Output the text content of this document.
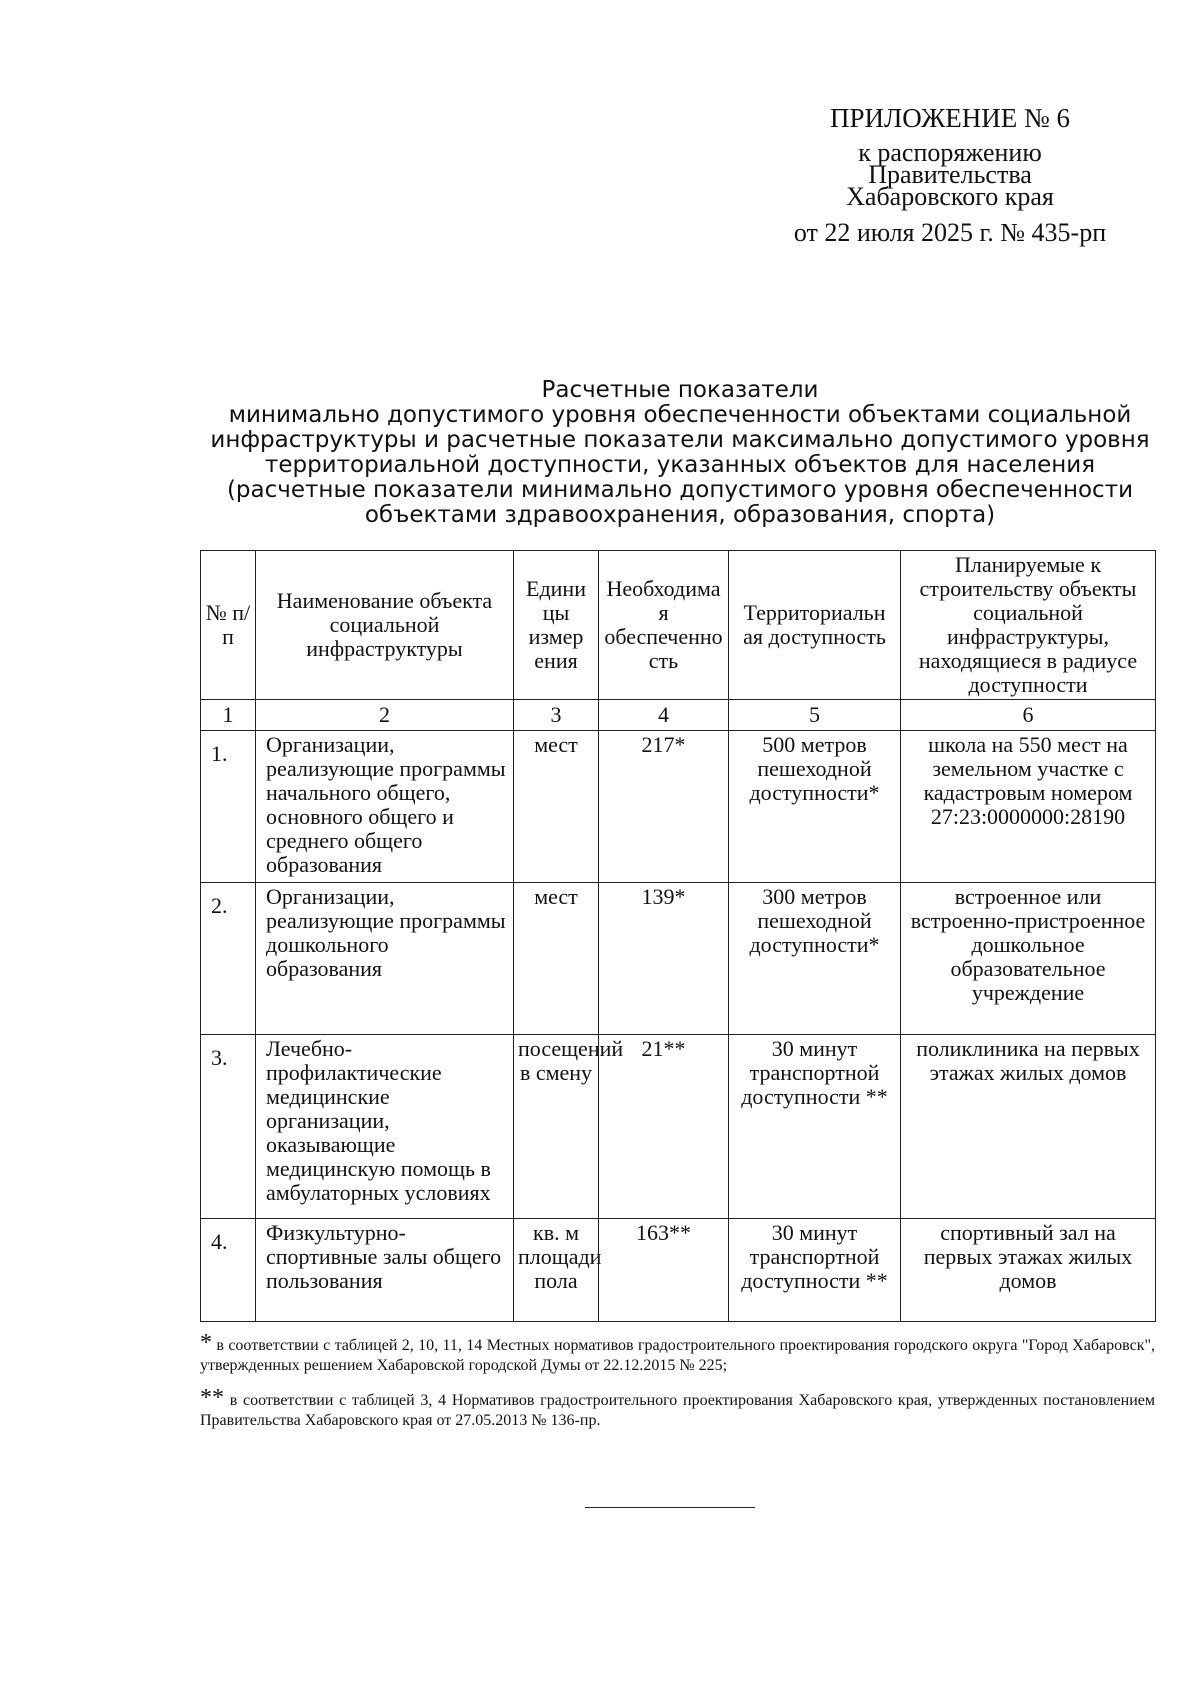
ПРИЛОЖЕНИЕ № 6
к распоряжению
Правительства
Хабаровского края
от 22 июля 2025 г. № 435-рп
Расчетные показатели
минимально допустимого уровня обеспеченности объектами социальной
инфраструктуры и расчетные показатели максимально допустимого уровня
территориальной доступности, указанных объектов для населения
(расчетные показатели минимально допустимого уровня обеспеченности
объектами здравоохранения, образования, спорта)
№ п/п	Наименование объекта социальной инфраструктуры	Едини цы измер ения	Необходима я обеспеченно сть	Территориальн ая доступность	Планируемые к строительству объекты социальной инфраструктуры, находящиеся в радиусе доступности
1	2	3	4	5	6
1.	Организации, реализующие программы начального общего, основного общего и среднего общего образования	мест	217*	500 метров пешеходной доступности*	школа на 550 мест на земельном участке с кадастровым номером 27:23:0000000:28190
2.	Организации, реализующие программы дошкольного образования	мест	139*	300 метров пешеходной доступности*	встроенное или встроенно-пристроенное дошкольное образовательное учреждение
3.	Лечебно-профилактические медицинские организации, оказывающие медицинскую помощь в амбулаторных условиях	посещений в смену	21**	30 минут транспортной доступности **	поликлиника на первых этажах жилых домов
4.	Физкультурно-спортивные залы общего пользования	кв. м площади пола	163**	30 минут транспортной доступности **	спортивный зал на первых этажах жилых домов
* в соответствии с таблицей 2, 10, 11, 14 Местных нормативов градостроительного проектирования городского округа "Город Хабаровск", утвержденных решением Хабаровской городской Думы от 22.12.2015 № 225;
** в соответствии с таблицей 3, 4 Нормативов градостроительного проектирования Хабаровского края, утвержденных постановлением Правительства Хабаровского края от 27.05.2013 № 136-пр.
